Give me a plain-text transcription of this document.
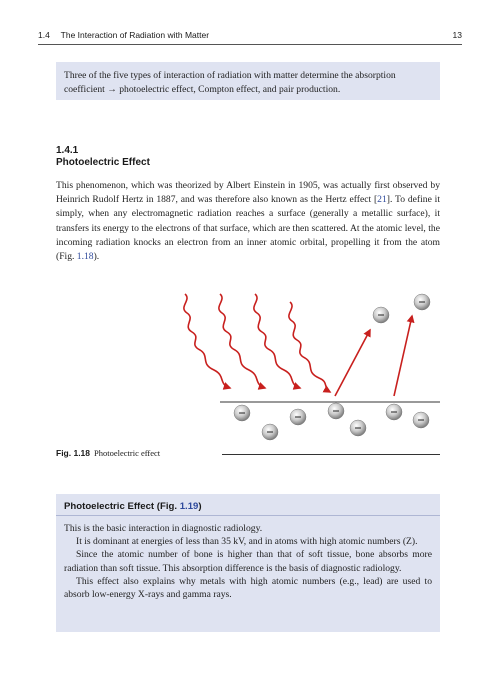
1.4  The Interaction of Radiation with Matter	13
Three of the five types of interaction of radiation with matter determine the absorption coefficient → photoelectric effect, Compton effect, and pair production.
1.4.1
Photoelectric Effect
This phenomenon, which was theorized by Albert Einstein in 1905, was actually first observed by Heinrich Rudolf Hertz in 1887, and was therefore also known as the Hertz effect [21]. To define it simply, when any electromagnetic radiation reaches a surface (generally a metallic surface), it transfers its energy to the electrons of that surface, which are then scattered. At the atomic level, the incoming radiation knocks an electron from an inner atomic orbital, propelling it from the atom (Fig. 1.18).
Fig. 1.18 Photoelectric effect
Photoelectric Effect (Fig. 1.19)

This is the basic interaction in diagnostic radiology.

It is dominant at energies of less than 35 kV, and in atoms with high atomic numbers (Z).

Since the atomic number of bone is higher than that of soft tissue, bone absorbs more radiation than soft tissue. This absorption difference is the basis of diagnostic radiology.

This effect also explains why metals with high atomic numbers (e.g., lead) are used to absorb low-energy X-rays and gamma rays.
